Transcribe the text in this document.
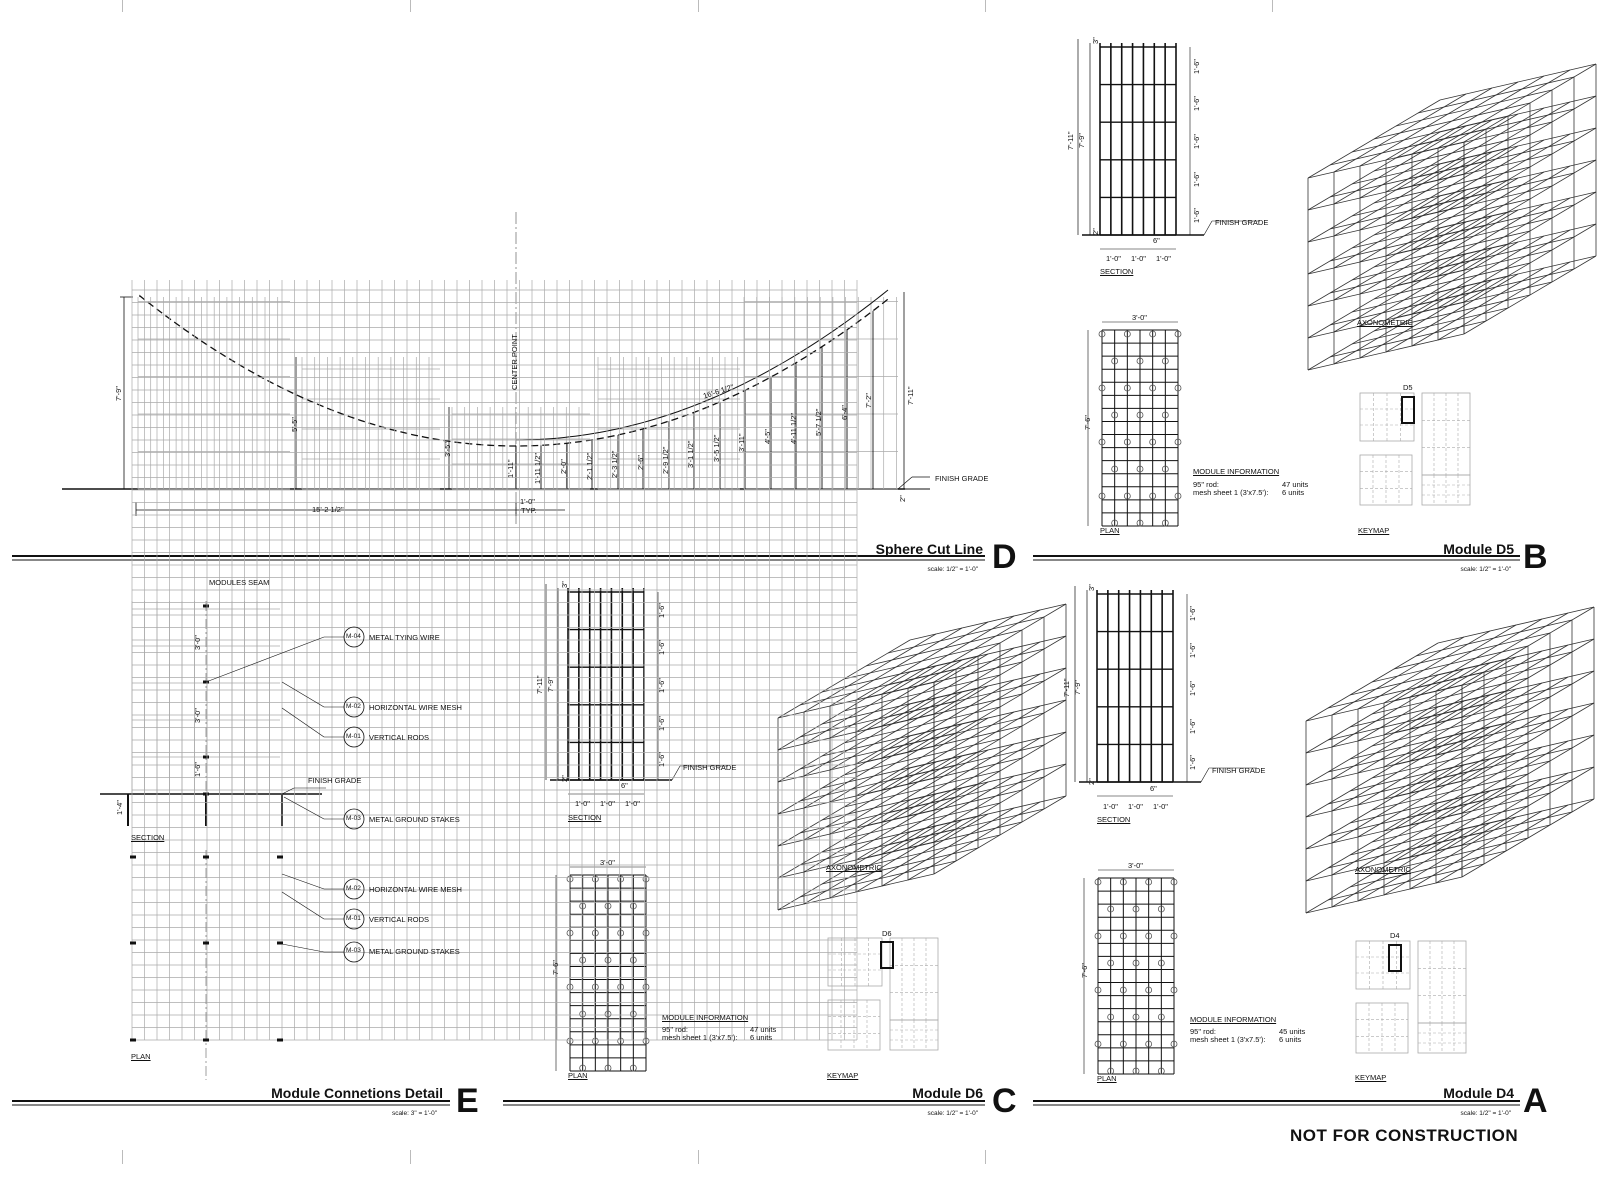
CENTER POINT
FINISH GRADE
16'-6 1/2"
7'-9"	7'-11"
5'-5"
3'-5"
15'-2 1/2"
1'-0"
TYP.
2"
1'-11" 1'-11 1/2" 2'-0" 2'-1 1/2" 2'-3 1/2" 2'-6" 2'-9 1/2" 3'-1 1/2" 3'-5 1/2" 3'-11" 4'-5" 4'-11 1/2" 5'-7 1/2" 6'-4"
7'-2"
Sphere Cut Line
scale: 1/2" = 1'-0" D
7'-11" 7'-9"
3"
2"
1'-6"
1'-6"
1'-6"
1'-6"
1'-6" FINISH GRADE
6"
1'-0" 1'-0" 1'-0"
SECTION
AXONOMETRIC
3'-0"
7'-6"
PLAN
MODULE INFORMATION
95" rod:	47 units
mesh sheet 1 (3'x7.5'): 6 units
D5
KEYMAP
Module D5
scale: 1/2" = 1'-0" B
7'-11" 7'-9"
3"
2"
1'-6"
1'-6"
1'-6"
1'-6"
1'-6"
FINISH GRADE
6"
1'-0" 1'-0" 1'-0"
SECTION
AXONOMETRIC
3'-0"
7'-6"
PLAN
MODULE INFORMATION
95" rod:	47 units
mesh sheet 1 (3'x7.5'): 6 units
D6
KEYMAP
Module D6
scale: 1/2" = 1'-0" C
7'-11" 7'-9"
3"
2"
1'-6"
1'-6"
1'-6"
1'-6"
1'-6"
FINISH GRADE
6"
1'-0" 1'-0" 1'-0"
SECTION
AXONOMETRIC
3'-0"
7'-6"
PLAN
MODULE INFORMATION
95" rod:	45 units
mesh sheet 1 (3'x7.5'): 6 units
D4
KEYMAP
Module D4
scale: 1/2" = 1'-0" A
MODULES SEAM
3'-0"
3'-0"
1'-6"
1'-4"
FINISH GRADE
SECTION
PLAN
M-04 METAL TYING WIRE
M-02 HORIZONTAL WIRE MESH
M-01 VERTICAL RODS
M-03 METAL GROUND STAKES
M-02 HORIZONTAL WIRE MESH
M-01 VERTICAL RODS
M-03 METAL GROUND STAKES
Module Connetions Detail
scale: 3" = 1'-0" E
NOT FOR CONSTRUCTION
